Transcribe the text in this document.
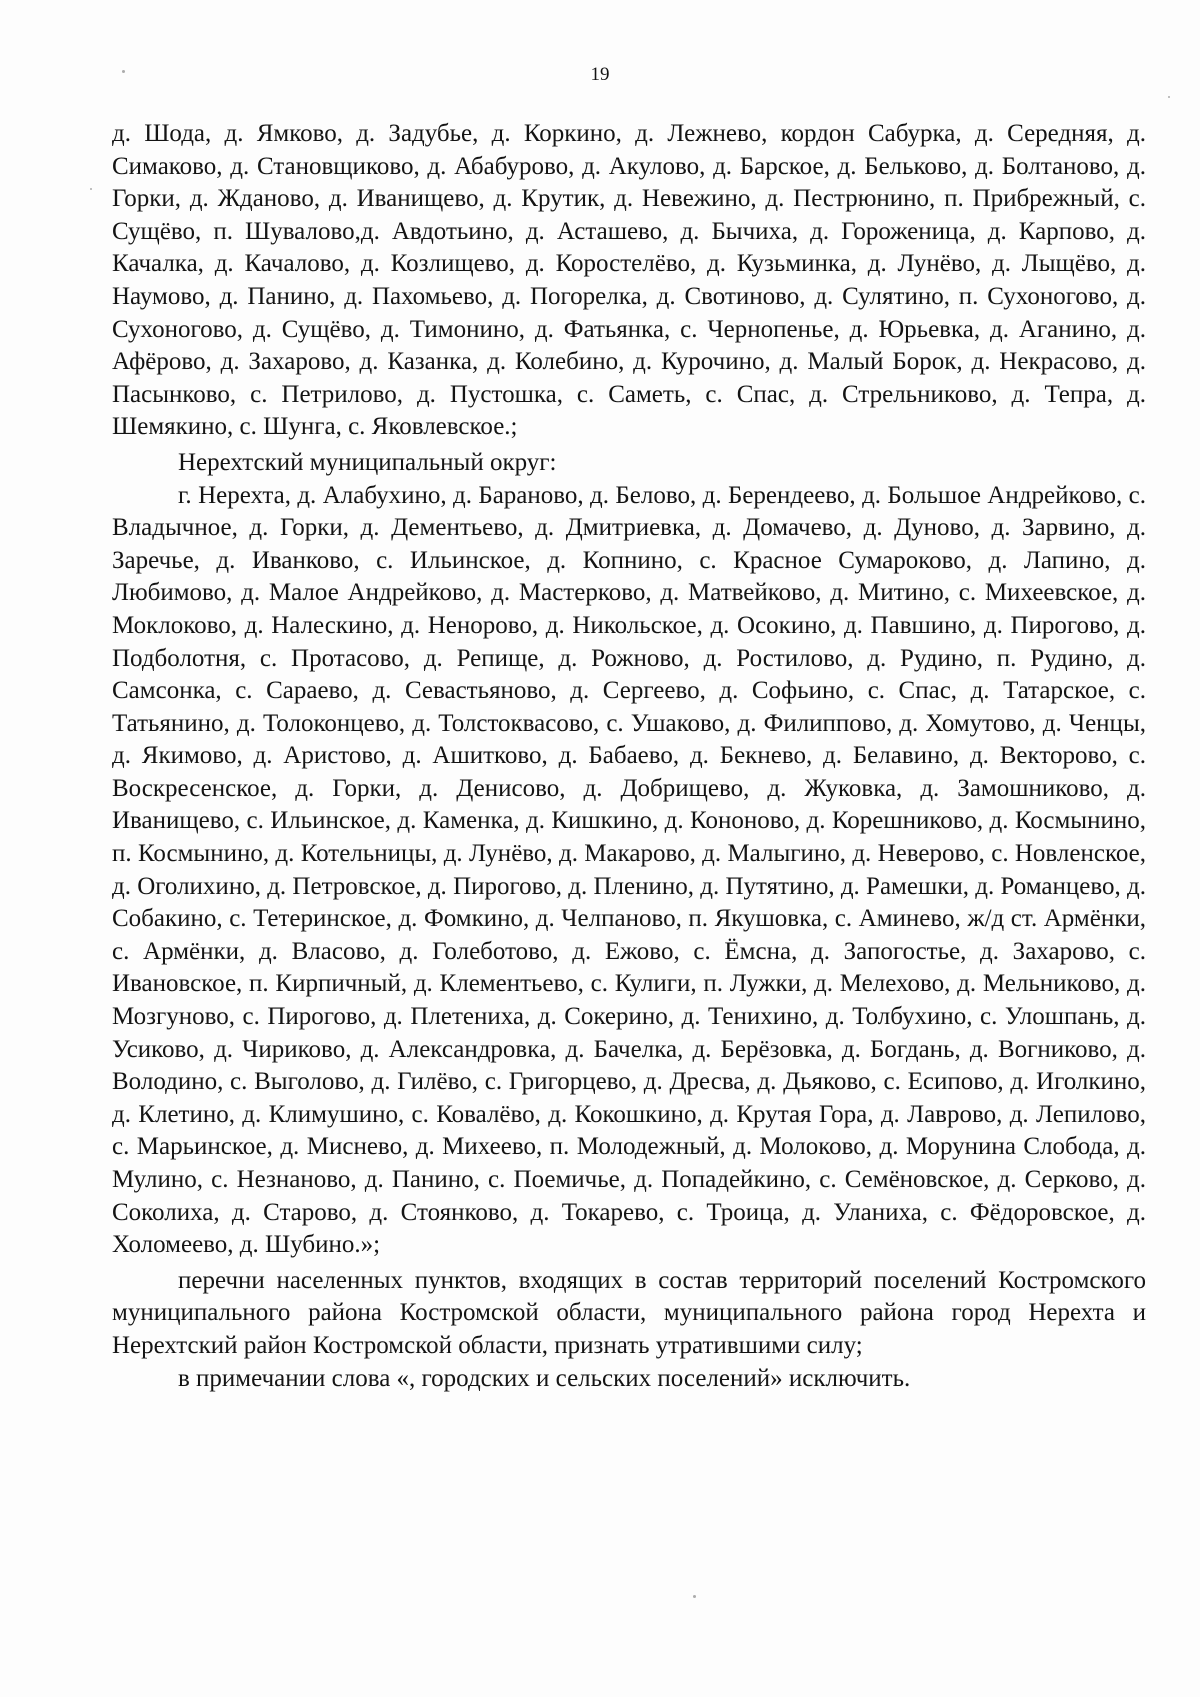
19

д. Шода, д. Ямково, д. Задубье, д. Коркино, д. Лежнево, кордон Сабурка, д. Середняя, д. Симаково, д. Становщиково, д. Абабурово, д. Акулово, д. Барское, д. Бельково, д. Болтаново, д. Горки, д. Жданово, д. Иванищево, д. Крутик, д. Невежино, д. Пестрюнино, п. Прибрежный, с. Сущёво, п. Шувалово,д. Авдотьино, д. Асташево, д. Бычиха, д. Гороженица, д. Карпово, д. Качалка, д. Качалово, д. Козлищево, д. Коростелёво, д. Кузьминка, д. Лунёво, д. Лыщёво, д. Наумово, д. Панино, д. Пахомьево, д. Погорелка, д. Свотиново, д. Сулятино, п. Сухоногово, д. Сухоногово, д. Сущёво, д. Тимонино, д. Фатьянка, с. Чернопенье, д. Юрьевка, д. Аганино, д. Афёрово, д. Захарово, д. Казанка, д. Колебино, д. Курочино, д. Малый Борок, д. Некрасово, д. Пасынково, с. Петрилово, д. Пустошка, с. Саметь, с. Спас, д. Стрельниково, д. Тепра, д. Шемякино, с. Шунга, с. Яковлевское.;

Нерехтский муниципальный округ:

г. Нерехта, д. Алабухино, д. Бараново, д. Белово, д. Берендеево, д. Большое Андрейково, с. Владычное, д. Горки, д. Дементьево, д. Дмитриевка, д. Домачево, д. Дуново, д. Зарвино, д. Заречье, д. Иванково, с. Ильинское, д. Копнино, с. Красное Сумароково, д. Лапино, д. Любимово, д. Малое Андрейково, д. Мастерково, д. Матвейково, д. Митино, с. Михеевское, д. Моклоково, д. Налескино, д. Ненорово, д. Никольское, д. Осокино, д. Павшино, д. Пирогово, д. Подболотня, с. Протасово, д. Репище, д. Рожново, д. Ростилово, д. Рудино, п. Рудино, д. Самсонка, с. Сараево, д. Севастьяново, д. Сергеево, д. Софьино, с. Спас, д. Татарское, с. Татьянино, д. Толоконцево, д. Толстоквасово, с. Ушаково, д. Филиппово, д. Хомутово, д. Ченцы, д. Якимово, д. Аристово, д. Ашитково, д. Бабаево, д. Бекнево, д. Белавино, д. Векторово, с. Воскресенское, д. Горки, д. Денисово, д. Добрищево, д. Жуковка, д. Замошниково, д. Иванищево, с. Ильинское, д. Каменка, д. Кишкино, д. Кононово, д. Корешниково, д. Космынино, п. Космынино, д. Котельницы, д. Лунёво, д. Макарово, д. Малыгино, д. Неверово, с. Новленское, д. Оголихино, д. Петровское, д. Пирогово, д. Пленино, д. Путятино, д. Рамешки, д. Романцево, д. Собакино, с. Тетеринское, д. Фомкино, д. Челпаново, п. Якушовка, с. Аминево, ж/д ст. Армёнки, с. Армёнки, д. Власово, д. Голеботово, д. Ежово, с. Ёмсна, д. Запогостье, д. Захарово, с. Ивановское, п. Кирпичный, д. Клементьево, с. Кулиги, п. Лужки, д. Мелехово, д. Мельниково, д. Мозгуново, с. Пирогово, д. Плетениха, д. Сокерино, д. Тенихино, д. Толбухино, с. Улошпань, д. Усиково, д. Чириково, д. Александровка, д. Бачелка, д. Берёзовка, д. Богдань, д. Вогниково, д. Володино, с. Выголово, д. Гилёво, с. Григорцево, д. Дресва, д. Дьяково, с. Есипово, д. Иголкино, д. Клетино, д. Климушино, с. Ковалёво, д. Кокошкино, д. Крутая Гора, д. Лаврово, д. Лепилово, с. Марьинское, д. Миснево, д. Михеево, п. Молодежный, д. Молоково, д. Морунина Слобода, д. Мулино, с. Незнаново, д. Панино, с. Поемичье, д. Попадейкино, с. Семёновское, д. Серково, д. Соколиха, д. Старово, д. Стоянково, д. Токарево, с. Троица, д. Уланиха, с. Фёдоровское, д. Холомеево, д. Шубино.»;

перечни населенных пунктов, входящих в состав территорий поселений Костромского муниципального района Костромской области, муниципального района город Нерехта и Нерехтский район Костромской области, признать утратившими силу;

в примечании слова «, городских и сельских поселений» исключить.
